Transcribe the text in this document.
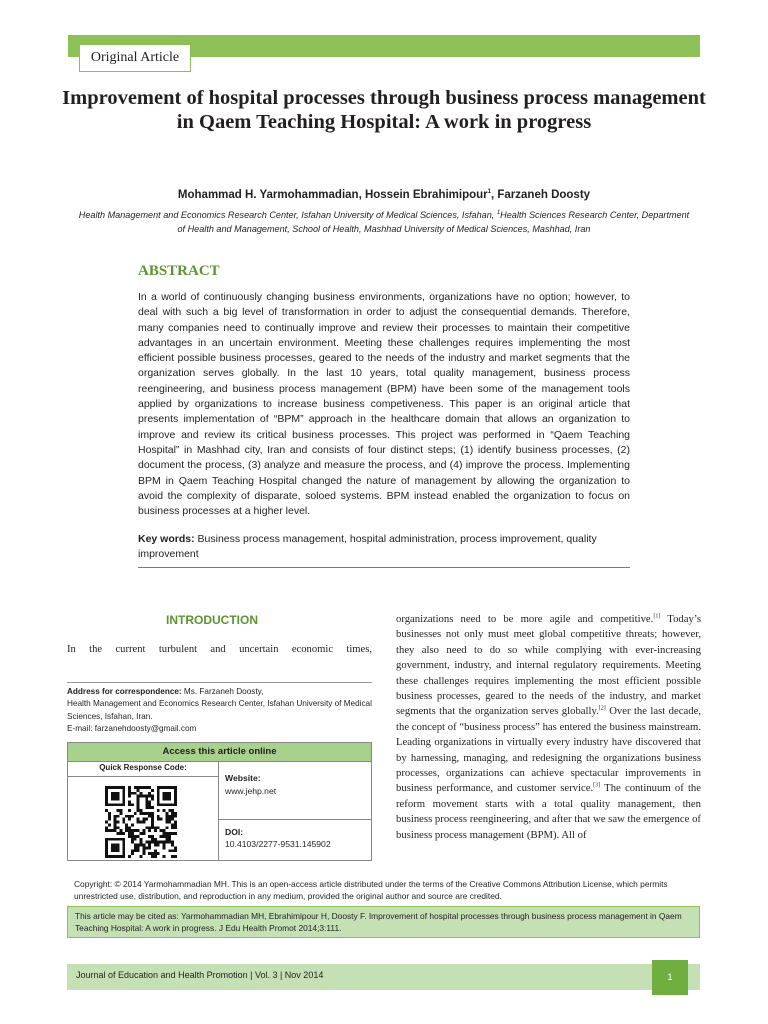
Original Article
Improvement of hospital processes through business process management in Qaem Teaching Hospital: A work in progress
Mohammad H. Yarmohammadian, Hossein Ebrahimipour$^1$, Farzaneh Doosty
Health Management and Economics Research Center, Isfahan University of Medical Sciences, Isfahan, $^1$Health Sciences Research Center, Department of Health and Management, School of Health, Mashhad University of Medical Sciences, Mashhad, Iran
ABSTRACT
In a world of continuously changing business environments, organizations have no option; however, to deal with such a big level of transformation in order to adjust the consequential demands. Therefore, many companies need to continually improve and review their processes to maintain their competitive advantages in an uncertain environment. Meeting these challenges requires implementing the most efficient possible business processes, geared to the needs of the industry and market segments that the organization serves globally. In the last 10 years, total quality management, business process reengineering, and business process management (BPM) have been some of the management tools applied by organizations to increase business competiveness. This paper is an original article that presents implementation of “BPM” approach in the healthcare domain that allows an organization to improve and review its critical business processes. This project was performed in “Qaem Teaching Hospital” in Mashhad city, Iran and consists of four distinct steps; (1) identify business processes, (2) document the process, (3) analyze and measure the process, and (4) improve the process. Implementing BPM in Qaem Teaching Hospital changed the nature of management by allowing the organization to avoid the complexity of disparate, soloed systems. BPM instead enabled the organization to focus on business processes at a higher level.
Key words: Business process management, hospital administration, process improvement, quality improvement
INTRODUCTION

In the current turbulent and uncertain economic times,

organizations need to be more agile and competitive.[1] Today’s businesses not only must meet global competitive threats; however, they also need to do so while complying with ever-increasing government, industry, and internal regulatory requirements. Meeting these challenges requires implementing the most efficient possible business processes, geared to the needs of the industry, and market segments that the organization serves globally.[2] Over the last decade, the concept of “business process” has entered the business mainstream. Leading organizations in virtually every industry have discovered that by harnessing, managing, and redesigning the organizations business processes, organizations can achieve spectacular improvements in business performance, and customer service.[3] The continuum of the reform movement starts with a total quality management, then business process reengineering, and after that we saw the emergence of business process management (BPM). All of

Address for correspondence: Ms. Farzaneh Doosty,
Health Management and Economics Research Center, Isfahan University of Medical Sciences, Isfahan, Iran.
E-mail: farzanehdoosty@gmail.com
Access this article online
Quick Response Code:
Website:
www.jehp.net
DOI:
10.4103/2277-9531.145902
Copyright: © 2014 Yarmohammadian MH. This is an open-access article distributed under the terms of the Creative Commons Attribution License, which permits unrestricted use, distribution, and reproduction in any medium, provided the original author and source are credited.
This article may be cited as: Yarmohammadian MH, Ebrahimipour H, Doosty F. Improvement of hospital processes through business process management in Qaem Teaching Hospital: A work in progress. J Edu Health Promot 2014;3:111.
Journal of Education and Health Promotion | Vol. 3 | Nov 2014	1
